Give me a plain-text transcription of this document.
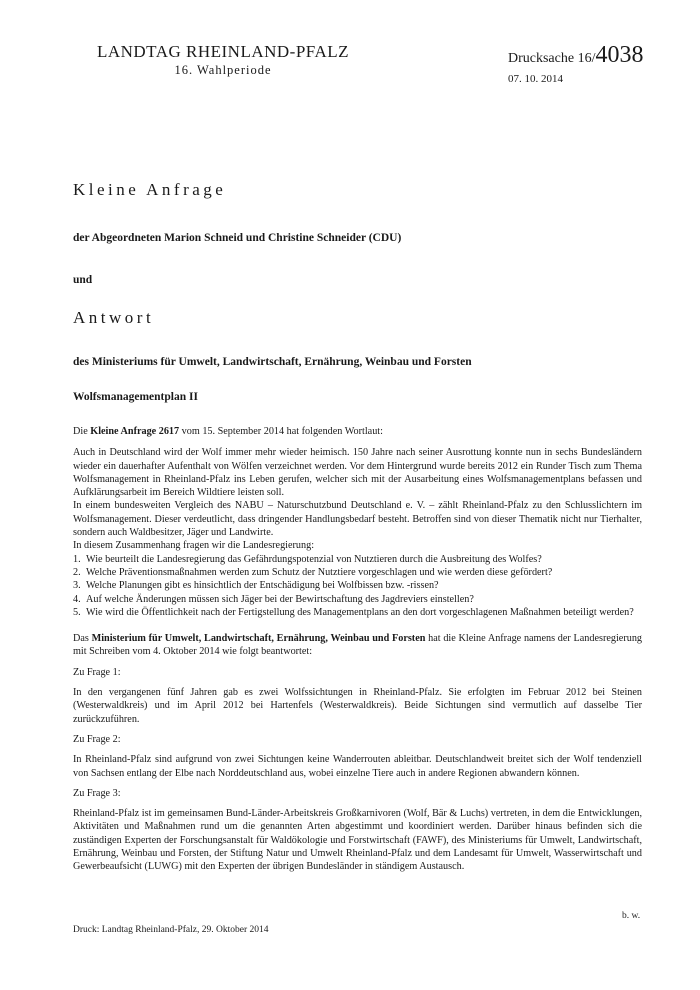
LANDTAG RHEINLAND-PFALZ
16. Wahlperiode
Drucksache 16/4038
07. 10. 2014

Kleine Anfrage

der Abgeordneten Marion Schneid und Christine Schneider (CDU)

und

Antwort

des Ministeriums für Umwelt, Landwirtschaft, Ernährung, Weinbau und Forsten

Wolfsmanagementplan II

Die Kleine Anfrage 2617 vom 15. September 2014 hat folgenden Wortlaut:

Auch in Deutschland wird der Wolf immer mehr wieder heimisch. 150 Jahre nach seiner Ausrottung konnte nun in sechs Bundesländern wieder ein dauerhafter Aufenthalt von Wölfen verzeichnet werden. Vor dem Hintergrund wurde bereits 2012 ein Runder Tisch zum Thema Wolfsmanagement in Rheinland-Pfalz ins Leben gerufen, welcher sich mit der Ausarbeitung eines Wolfsmanagementplans befassen und Aufklärungsarbeit im Bereich Wildtiere leisten soll.

In einem bundesweiten Vergleich des NABU – Naturschutzbund Deutschland e. V. – zählt Rheinland-Pfalz zu den Schlusslichtern im Wolfsmanagement. Dieser verdeutlicht, dass dringender Handlungsbedarf besteht. Betroffen sind von dieser Thematik nicht nur Tierhalter, sondern auch Waldbesitzer, Jäger und Landwirte.

In diesem Zusammenhang fragen wir die Landesregierung:

1. Wie beurteilt die Landesregierung das Gefährdungspotenzial von Nutztieren durch die Ausbreitung des Wolfes?
2. Welche Präventionsmaßnahmen werden zum Schutz der Nutztiere vorgeschlagen und wie werden diese gefördert?
3. Welche Planungen gibt es hinsichtlich der Entschädigung bei Wolfbissen bzw. -rissen?
4. Auf welche Änderungen müssen sich Jäger bei der Bewirtschaftung des Jagdreviers einstellen?
5. Wie wird die Öffentlichkeit nach der Fertigstellung des Managementplans an den dort vorgeschlagenen Maßnahmen beteiligt werden?

Das Ministerium für Umwelt, Landwirtschaft, Ernährung, Weinbau und Forsten hat die Kleine Anfrage namens der Landesregierung mit Schreiben vom 4. Oktober 2014 wie folgt beantwortet:

Zu Frage 1:

In den vergangenen fünf Jahren gab es zwei Wolfssichtungen in Rheinland-Pfalz. Sie erfolgten im Februar 2012 bei Steinen (Westerwaldkreis) und im April 2012 bei Hartenfels (Westerwaldkreis). Beide Sichtungen sind vermutlich auf dasselbe Tier zurückzuführen.

Zu Frage 2:

In Rheinland-Pfalz sind aufgrund von zwei Sichtungen keine Wanderrouten ableitbar. Deutschlandweit breitet sich der Wolf tendenziell von Sachsen entlang der Elbe nach Norddeutschland aus, wobei einzelne Tiere auch in andere Regionen abwandern können.

Zu Frage 3:

Rheinland-Pfalz ist im gemeinsamen Bund-Länder-Arbeitskreis Großkarnivoren (Wolf, Bär & Luchs) vertreten, in dem die Entwicklungen, Aktivitäten und Maßnahmen rund um die genannten Arten abgestimmt und koordiniert werden. Darüber hinaus befinden sich die zuständigen Experten der Forschungsanstalt für Waldökologie und Forstwirtschaft (FAWF), des Ministeriums für Umwelt, Landwirtschaft, Ernährung, Weinbau und Forsten, der Stiftung Natur und Umwelt Rheinland-Pfalz und dem Landesamt für Umwelt, Wasserwirtschaft und Gewerbeaufsicht (LUWG) mit den Experten der übrigen Bundesländer in ständigem Austausch.

b. w.
Druck: Landtag Rheinland-Pfalz, 29. Oktober 2014
